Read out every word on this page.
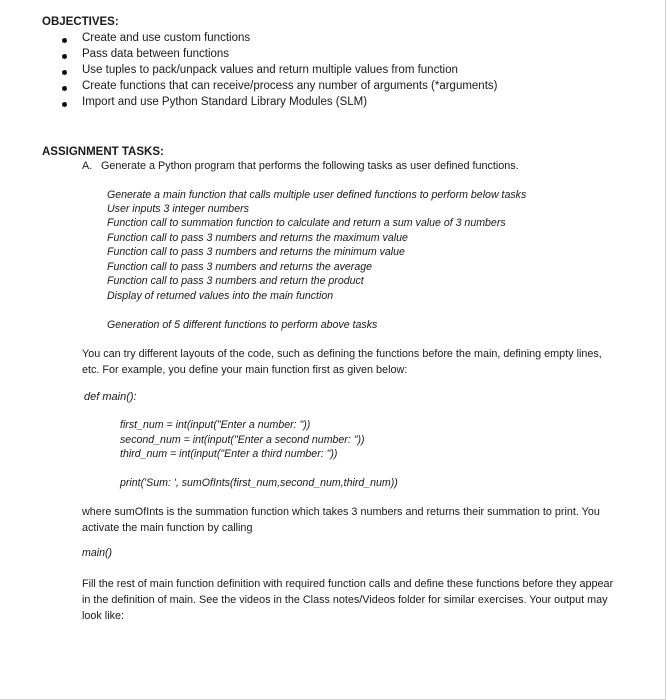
OBJECTIVES:
Create and use custom functions
Pass data between functions
Use tuples to pack/unpack values and return multiple values from function
Create functions that can receive/process any number of arguments (*arguments)
Import and use Python Standard Library Modules (SLM)
ASSIGNMENT TASKS:
A. Generate a Python program that performs the following tasks as user defined functions.
Generate a main function that calls multiple user defined functions to perform below tasks
User inputs 3 integer numbers
Function call to summation function to calculate and return a sum value of 3 numbers
Function call to pass 3 numbers and returns the maximum value
Function call to pass 3 numbers and returns the minimum value
Function call to pass 3 numbers and returns the average
Function call to pass 3 numbers and return the product
Display of returned values into the main function
Generation of 5 different functions to perform above tasks
You can try different layouts of the code, such as defining the functions before the main, defining empty lines, etc. For example, you define your main function first as given below:
def main():
first_num = int(input("Enter a number: "))
second_num = int(input("Enter a second number: "))
third_num = int(input("Enter a third number: "))
print('Sum: ', sumOfInts(first_num,second_num,third_num))
where sumOfInts is the summation function which takes 3 numbers and returns their summation to print. You activate the main function by calling
main()
Fill the rest of main function definition with required function calls and define these functions before they appear in the definition of main. See the videos in the Class notes/Videos folder for similar exercises. Your output may look like:
